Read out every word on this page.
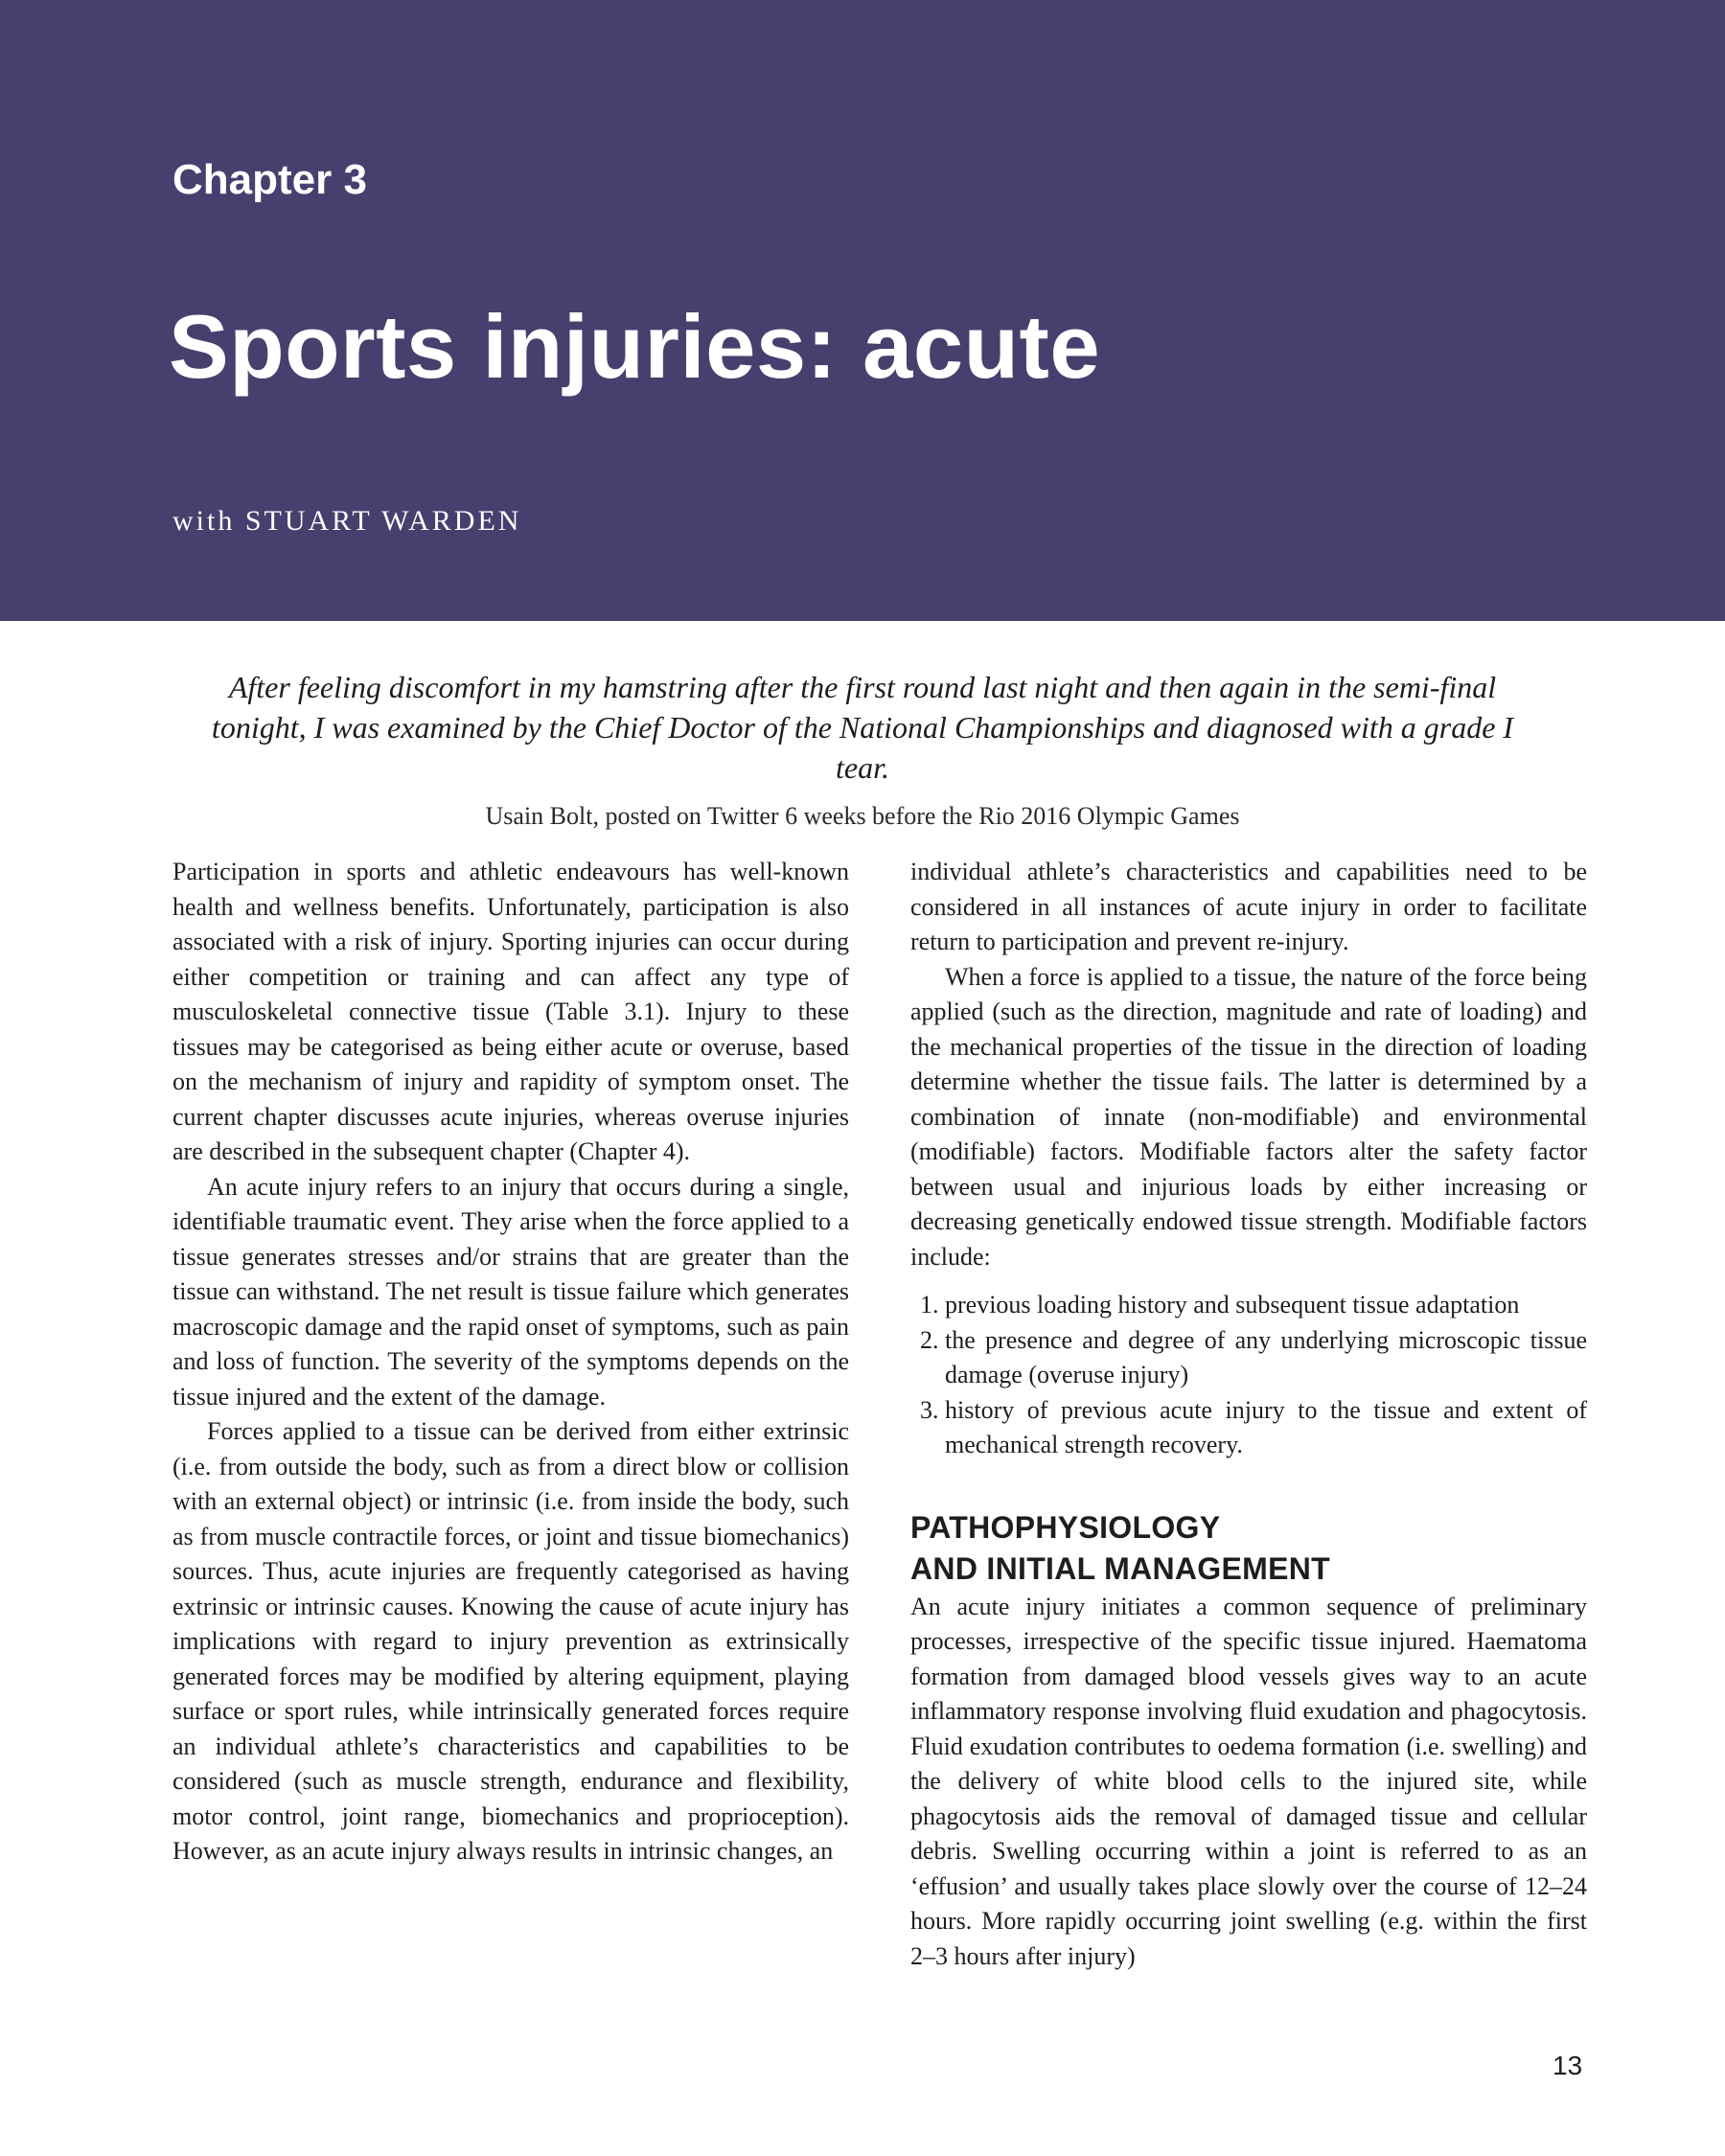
Chapter 3
Sports injuries: acute
with STUART WARDEN

After feeling discomfort in my hamstring after the first round last night and then again in the semi-final tonight, I was examined by the Chief Doctor of the National Championships and diagnosed with a grade I tear.

Usain Bolt, posted on Twitter 6 weeks before the Rio 2016 Olympic Games

Participation in sports and athletic endeavours has well-known health and wellness benefits. Unfortunately, participation is also associated with a risk of injury. Sporting injuries can occur during either competition or training and can affect any type of musculoskeletal connective tissue (Table 3.1). Injury to these tissues may be categorised as being either acute or overuse, based on the mechanism of injury and rapidity of symptom onset. The current chapter discusses acute injuries, whereas overuse injuries are described in the subsequent chapter (Chapter 4).

An acute injury refers to an injury that occurs during a single, identifiable traumatic event. They arise when the force applied to a tissue generates stresses and/or strains that are greater than the tissue can withstand. The net result is tissue failure which generates macroscopic damage and the rapid onset of symptoms, such as pain and loss of function. The severity of the symptoms depends on the tissue injured and the extent of the damage.

Forces applied to a tissue can be derived from either extrinsic (i.e. from outside the body, such as from a direct blow or collision with an external object) or intrinsic (i.e. from inside the body, such as from muscle contractile forces, or joint and tissue biomechanics) sources. Thus, acute injuries are frequently categorised as having extrinsic or intrinsic causes. Knowing the cause of acute injury has implications with regard to injury prevention as extrinsically generated forces may be modified by altering equipment, playing surface or sport rules, while intrinsically generated forces require an individual athlete’s characteristics and capabilities to be considered (such as muscle strength, endurance and flexibility, motor control, joint range, biomechanics and proprioception). However, as an acute injury always results in intrinsic changes, an

individual athlete’s characteristics and capabilities need to be considered in all instances of acute injury in order to facilitate return to participation and prevent re-injury.

When a force is applied to a tissue, the nature of the force being applied (such as the direction, magnitude and rate of loading) and the mechanical properties of the tissue in the direction of loading determine whether the tissue fails. The latter is determined by a combination of innate (non-modifiable) and environmental (modifiable) factors. Modifiable factors alter the safety factor between usual and injurious loads by either increasing or decreasing genetically endowed tissue strength. Modifiable factors include:

1. previous loading history and subsequent tissue adaptation
2. the presence and degree of any underlying microscopic tissue damage (overuse injury)
3. history of previous acute injury to the tissue and extent of mechanical strength recovery.
PATHOPHYSIOLOGY
AND INITIAL MANAGEMENT

An acute injury initiates a common sequence of preliminary processes, irrespective of the specific tissue injured. Haematoma formation from damaged blood vessels gives way to an acute inflammatory response involving fluid exudation and phagocytosis. Fluid exudation contributes to oedema formation (i.e. swelling) and the delivery of white blood cells to the injured site, while phagocytosis aids the removal of damaged tissue and cellular debris. Swelling occurring within a joint is referred to as an ‘effusion’ and usually takes place slowly over the course of 12–24 hours. More rapidly occurring joint swelling (e.g. within the first 2–3 hours after injury)

13
